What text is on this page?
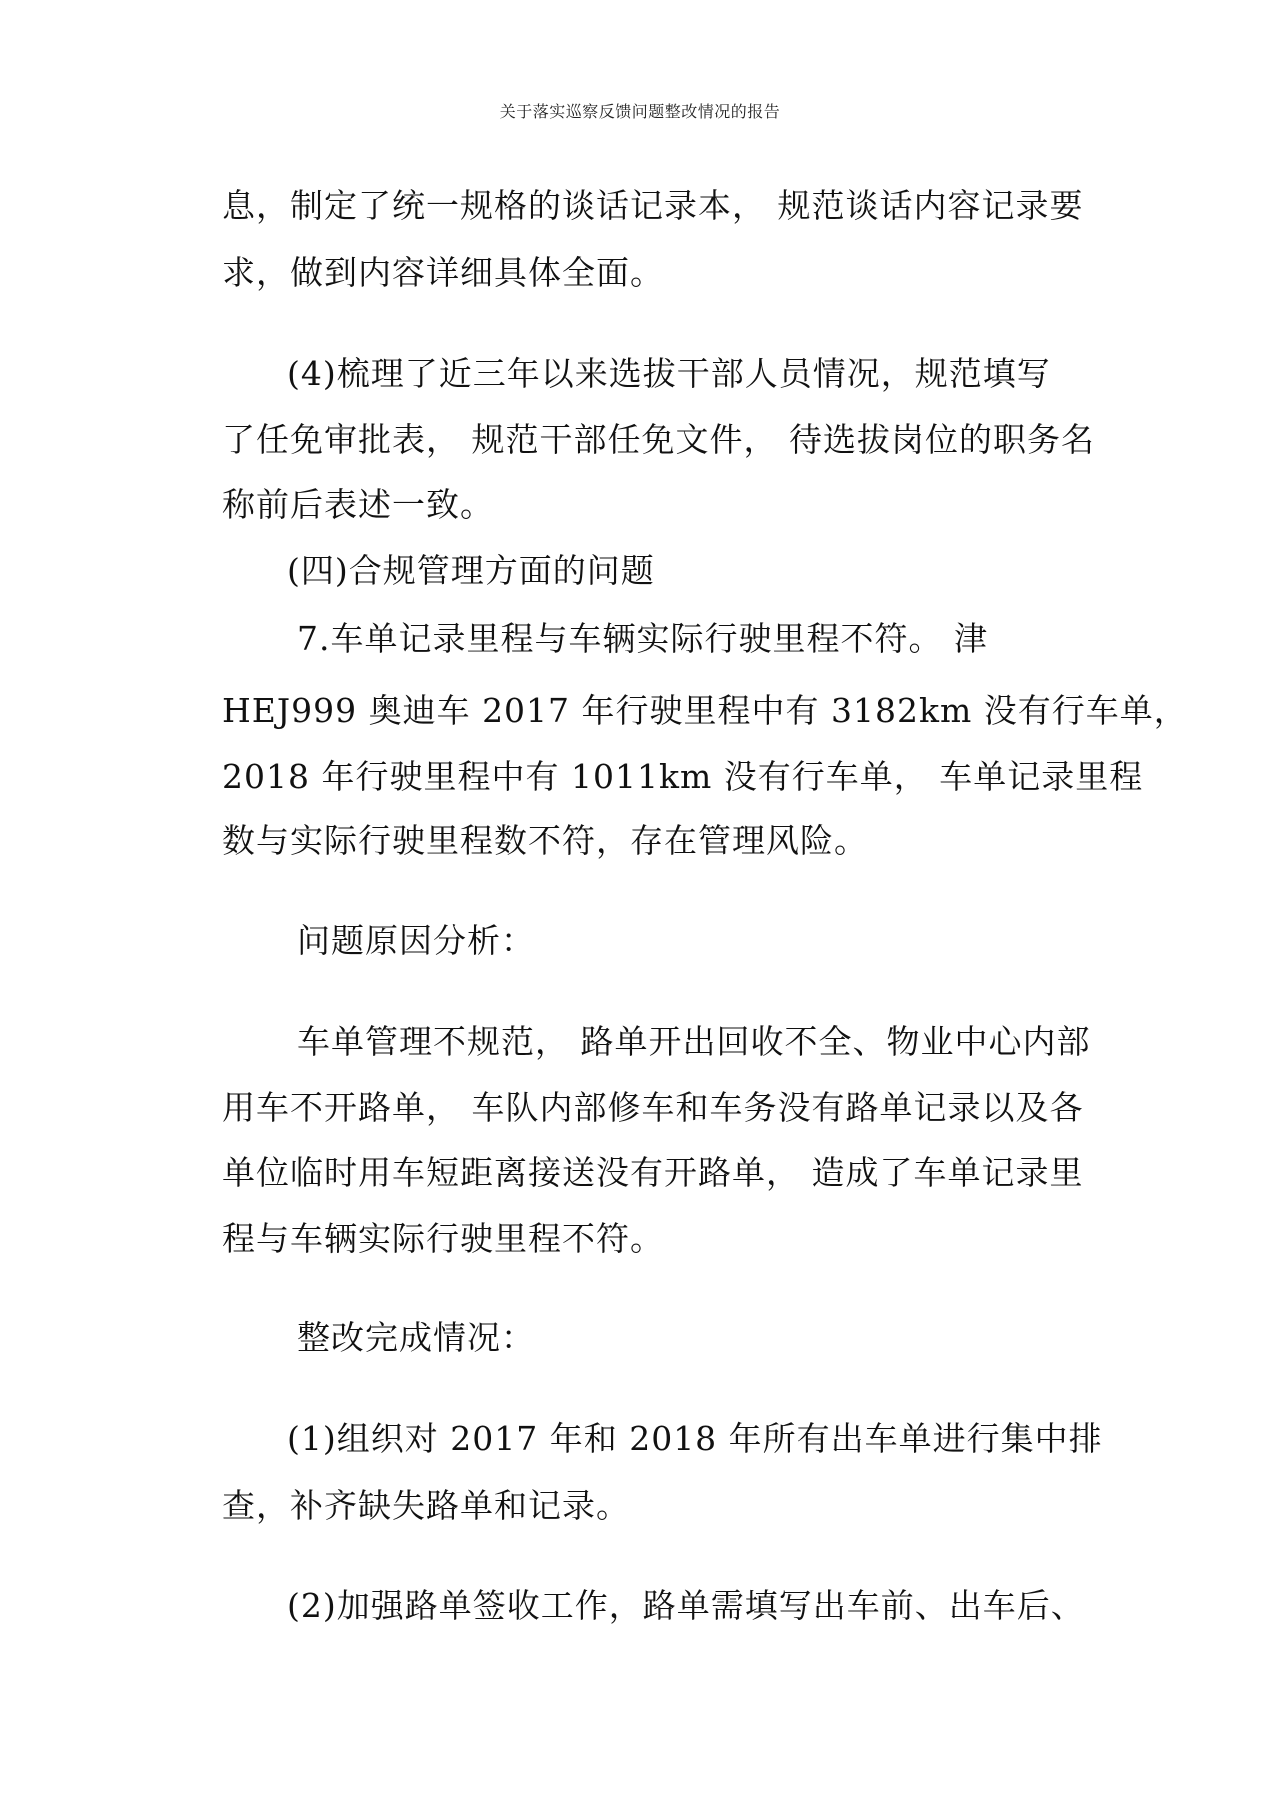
关于落实巡察反馈问题整改情况的报告
息，制定了统一规格的谈话记录本， 规范谈话内容记录要
求，做到内容详细具体全面。
(4)梳理了近三年以来选拔干部人员情况，规范填写
了任免审批表， 规范干部任免文件， 待选拔岗位的职务名
称前后表述一致。
(四)合规管理方面的问题
7.车单记录里程与车辆实际行驶里程不符。 津
HEJ999 奥迪车 2017 年行驶里程中有 3182km 没有行车单，
2018 年行驶里程中有 1011km 没有行车单， 车单记录里程
数与实际行驶里程数不符，存在管理风险。
问题原因分析：
车单管理不规范， 路单开出回收不全、物业中心内部
用车不开路单， 车队内部修车和车务没有路单记录以及各
单位临时用车短距离接送没有开路单， 造成了车单记录里
程与车辆实际行驶里程不符。
整改完成情况：
(1)组织对 2017 年和 2018 年所有出车单进行集中排
查，补齐缺失路单和记录。
(2)加强路单签收工作，路单需填写出车前、出车后、
